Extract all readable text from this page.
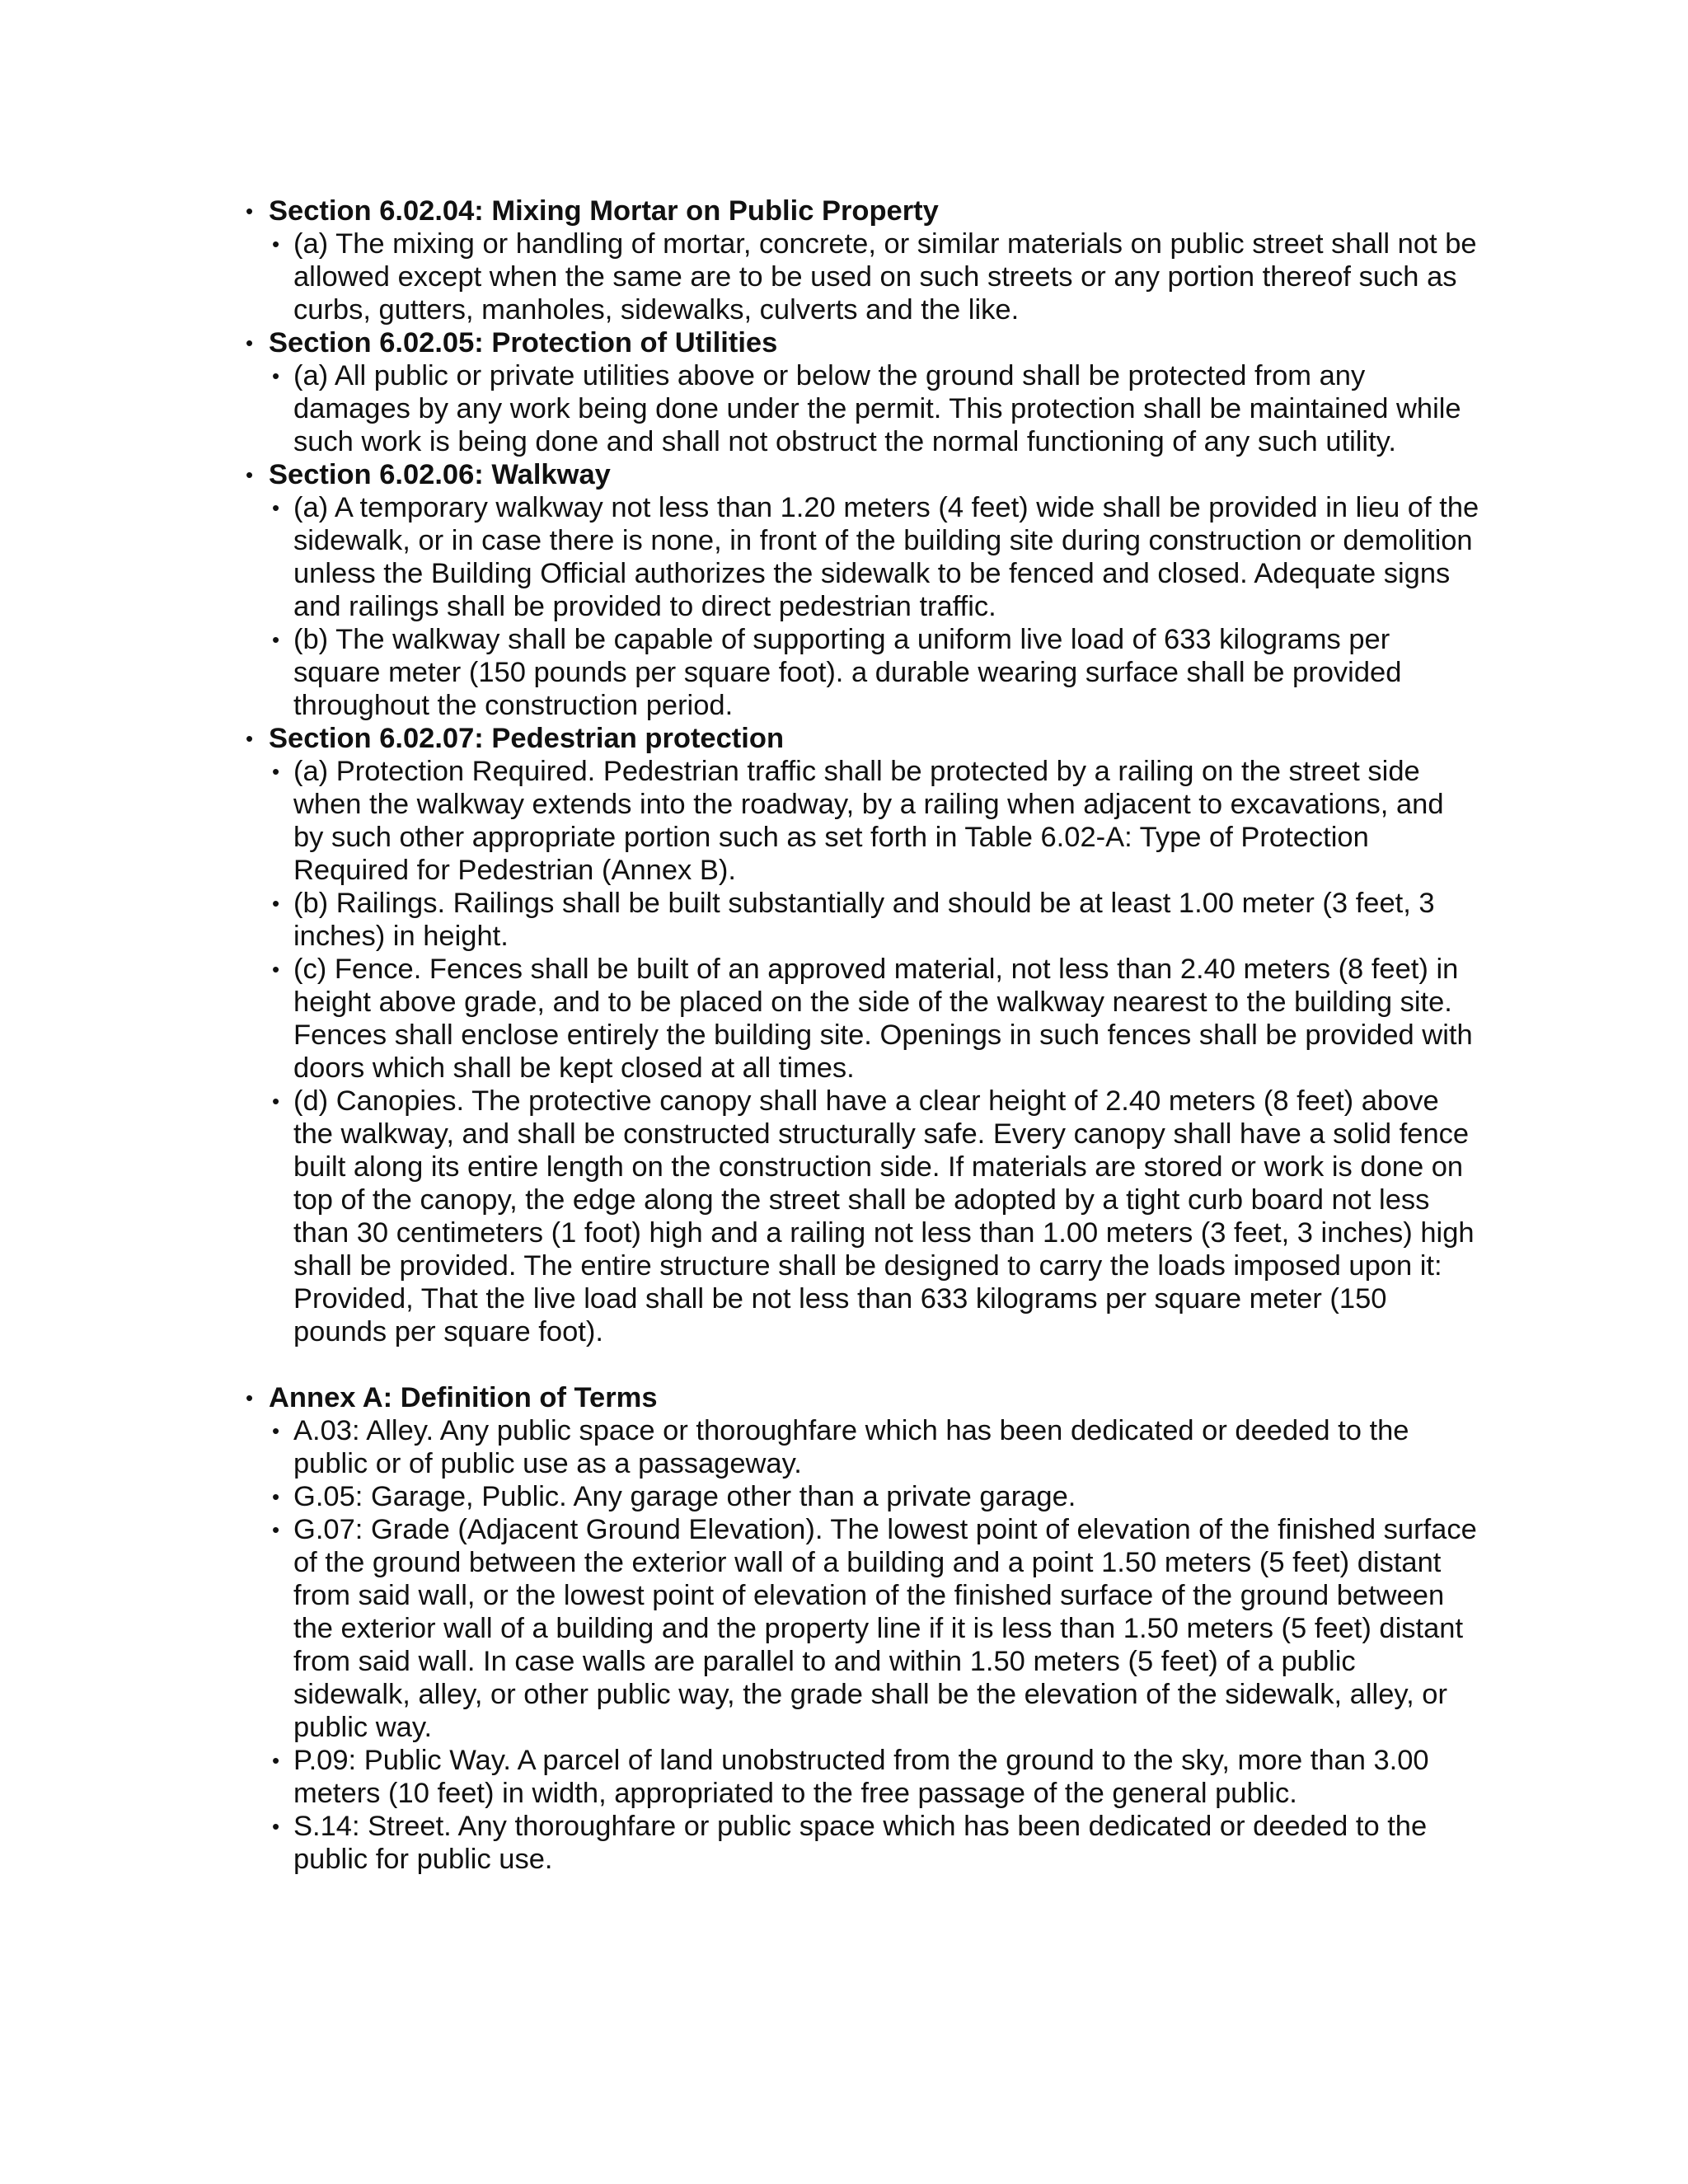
• Section 6.02.04: Mixing Mortar on Public Property
• (a) The mixing or handling of mortar, concrete, or similar materials on public street shall not be allowed except when the same are to be used on such streets or any portion thereof such as curbs, gutters, manholes, sidewalks, culverts and the like.
• Section 6.02.05: Protection of Utilities
• (a) All public or private utilities above or below the ground shall be protected from any damages by any work being done under the permit. This protection shall be maintained while such work is being done and shall not obstruct the normal functioning of any such utility.
• Section 6.02.06: Walkway
• (a) A temporary walkway not less than 1.20 meters (4 feet) wide shall be provided in lieu of the sidewalk, or in case there is none, in front of the building site during construction or demolition unless the Building Official authorizes the sidewalk to be fenced and closed. Adequate signs and railings shall be provided to direct pedestrian traffic.
• (b) The walkway shall be capable of supporting a uniform live load of 633 kilograms per square meter (150 pounds per square foot). a durable wearing surface shall be provided throughout the construction period.
• Section 6.02.07: Pedestrian protection
• (a) Protection Required. Pedestrian traffic shall be protected by a railing on the street side when the walkway extends into the roadway, by a railing when adjacent to excavations, and by such other appropriate portion such as set forth in Table 6.02-A: Type of Protection Required for Pedestrian (Annex B).
• (b) Railings. Railings shall be built substantially and should be at least 1.00 meter (3 feet, 3 inches) in height.
• (c) Fence. Fences shall be built of an approved material, not less than 2.40 meters (8 feet) in height above grade, and to be placed on the side of the walkway nearest to the building site. Fences shall enclose entirely the building site. Openings in such fences shall be provided with doors which shall be kept closed at all times.
• (d) Canopies. The protective canopy shall have a clear height of 2.40 meters (8 feet) above the walkway, and shall be constructed structurally safe. Every canopy shall have a solid fence built along its entire length on the construction side. If materials are stored or work is done on top of the canopy, the edge along the street shall be adopted by a tight curb board not less than 30 centimeters (1 foot) high and a railing not less than 1.00 meters (3 feet, 3 inches) high shall be provided. The entire structure shall be designed to carry the loads imposed upon it: Provided, That the live load shall be not less than 633 kilograms per square meter (150 pounds per square foot).
• Annex A: Definition of Terms
• A.03: Alley. Any public space or thoroughfare which has been dedicated or deeded to the public or of public use as a passageway.
• G.05: Garage, Public. Any garage other than a private garage.
• G.07: Grade (Adjacent Ground Elevation). The lowest point of elevation of the finished surface of the ground between the exterior wall of a building and a point 1.50 meters (5 feet) distant from said wall, or the lowest point of elevation of the finished surface of the ground between the exterior wall of a building and the property line if it is less than 1.50 meters (5 feet) distant from said wall. In case walls are parallel to and within 1.50 meters (5 feet) of a public sidewalk, alley, or other public way, the grade shall be the elevation of the sidewalk, alley, or public way.
• P.09: Public Way. A parcel of land unobstructed from the ground to the sky, more than 3.00 meters (10 feet) in width, appropriated to the free passage of the general public.
• S.14: Street. Any thoroughfare or public space which has been dedicated or deeded to the public for public use.
